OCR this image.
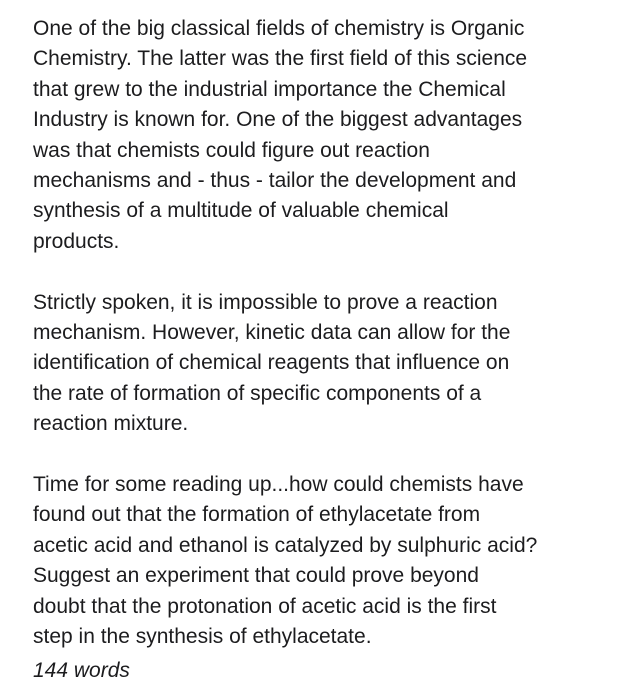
One of the big classical fields of chemistry is Organic
Chemistry. The latter was the first field of this science
that grew to the industrial importance the Chemical
Industry is known for. One of the biggest advantages
was that chemists could figure out reaction
mechanisms and - thus - tailor the development and
synthesis of a multitude of valuable chemical
products.

Strictly spoken, it is impossible to prove a reaction
mechanism. However, kinetic data can allow for the
identification of chemical reagents that influence on
the rate of formation of specific components of a
reaction mixture.

Time for some reading up...how could chemists have
found out that the formation of ethylacetate from
acetic acid and ethanol is catalyzed by sulphuric acid?
Suggest an experiment that could prove beyond
doubt that the protonation of acetic acid is the first
step in the synthesis of ethylacetate.

144 words
